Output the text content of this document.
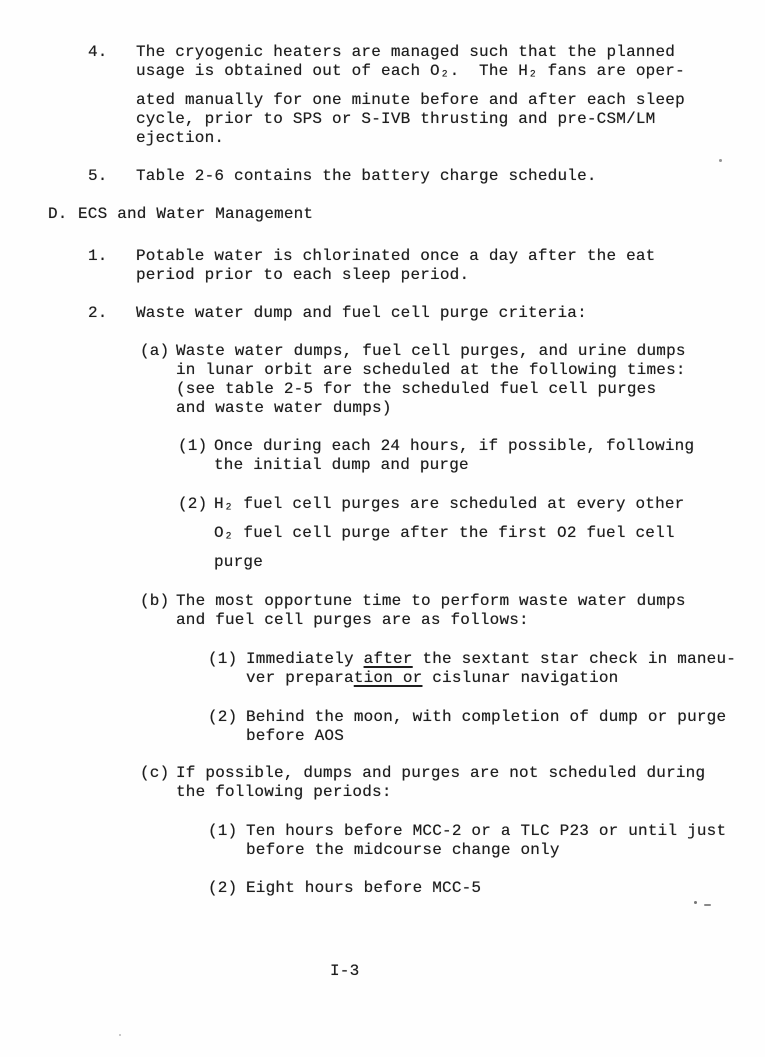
4.	The cryogenic heaters are managed such that the planned
usage is obtained out of each O₂.  The H₂ fans are oper-
ated manually for one minute before and after each sleep
cycle, prior to SPS or S-IVB thrusting and pre-CSM/LM
ejection.
5.	Table 2-6 contains the battery charge schedule.
D. ECS and Water Management
1.	Potable water is chlorinated once a day after the eat
period prior to each sleep period.
2.	Waste water dump and fuel cell purge criteria:
(a) Waste water dumps, fuel cell purges, and urine dumps
in lunar orbit are scheduled at the following times:
(see table 2-5 for the scheduled fuel cell purges
and waste water dumps)
(1) Once during each 24 hours, if possible, following
the initial dump and purge
(2) H₂ fuel cell purges are scheduled at every other
O₂ fuel cell purge after the first O2 fuel cell
purge
(b) The most opportune time to perform waste water dumps
and fuel cell purges are as follows:
(1) Immediately after the sextant star check in maneu-
ver preparation or cislunar navigation
(2) Behind the moon, with completion of dump or purge
before AOS
(c) If possible, dumps and purges are not scheduled during
the following periods:
(1) Ten hours before MCC-2 or a TLC P23 or until just
before the midcourse change only
(2) Eight hours before MCC-5
I-3
